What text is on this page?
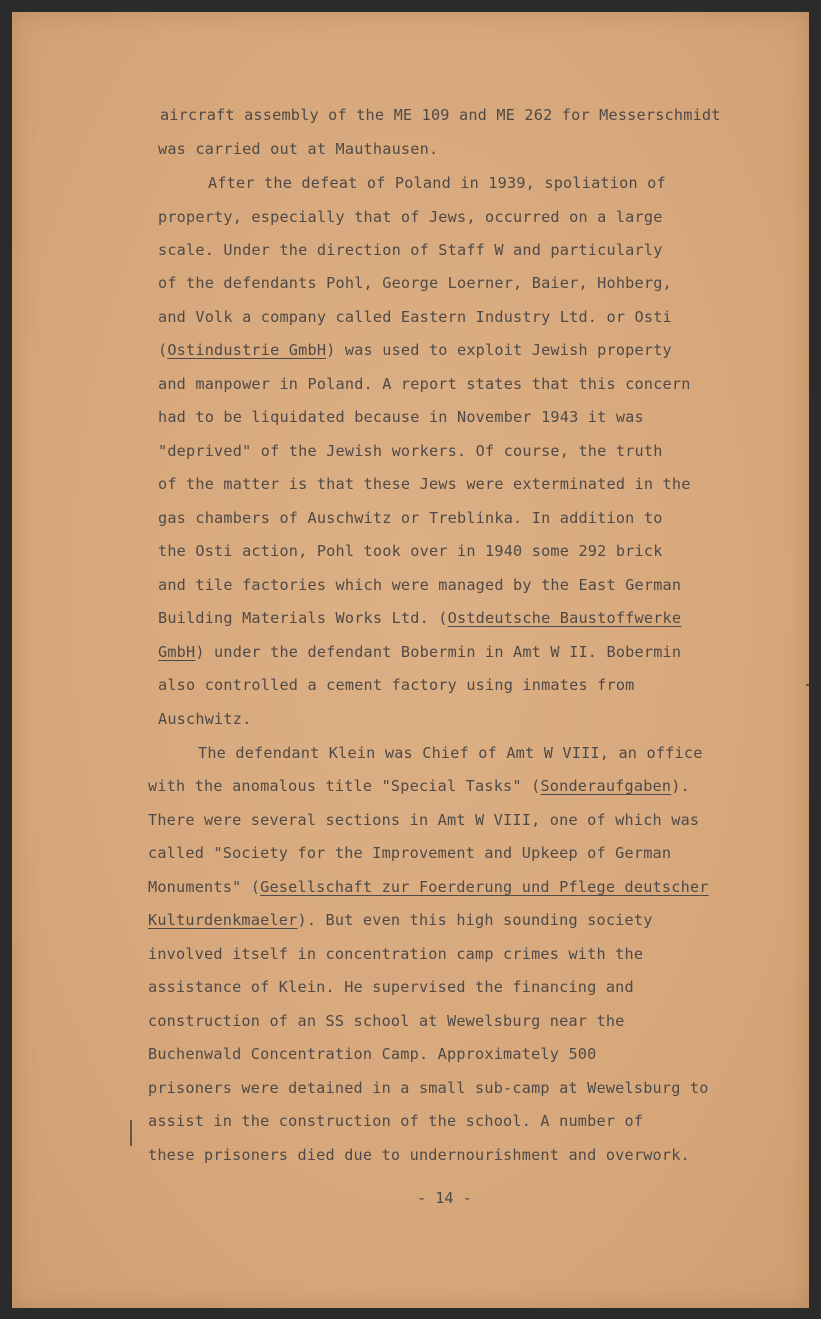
aircraft assembly of the ME 109 and ME 262 for Messerschmidt
was carried out at Mauthausen.
After the defeat of Poland in 1939, spoliation of
property, especially that of Jews, occurred on a large
scale. Under the direction of Staff W and particularly
of the defendants Pohl, George Loerner, Baier, Hohberg,
and Volk a company called Eastern Industry Ltd. or Osti
(Ostindustrie GmbH) was used to exploit Jewish property
and manpower in Poland. A report states that this concern
had to be liquidated because in November 1943 it was
"deprived" of the Jewish workers. Of course, the truth
of the matter is that these Jews were exterminated in the
gas chambers of Auschwitz or Treblinka. In addition to
the Osti action, Pohl took over in 1940 some 292 brick
and tile factories which were managed by the East German
Building Materials Works Ltd. (Ostdeutsche Baustoffwerke
GmbH) under the defendant Bobermin in Amt W II. Bobermin
also controlled a cement factory using inmates from
Auschwitz.
The defendant Klein was Chief of Amt W VIII, an office
with the anomalous title "Special Tasks" (Sonderaufgaben).
There were several sections in Amt W VIII, one of which was
called "Society for the Improvement and Upkeep of German
Monuments" (Gesellschaft zur Foerderung und Pflege deutscher
Kulturdenkmaeler). But even this high sounding society
involved itself in concentration camp crimes with the
assistance of Klein. He supervised the financing and
construction of an SS school at Wewelsburg near the
Buchenwald Concentration Camp. Approximately 500
prisoners were detained in a small sub-camp at Wewelsburg to
assist in the construction of the school. A number of
these prisoners died due to undernourishment and overwork.
- 14 -
